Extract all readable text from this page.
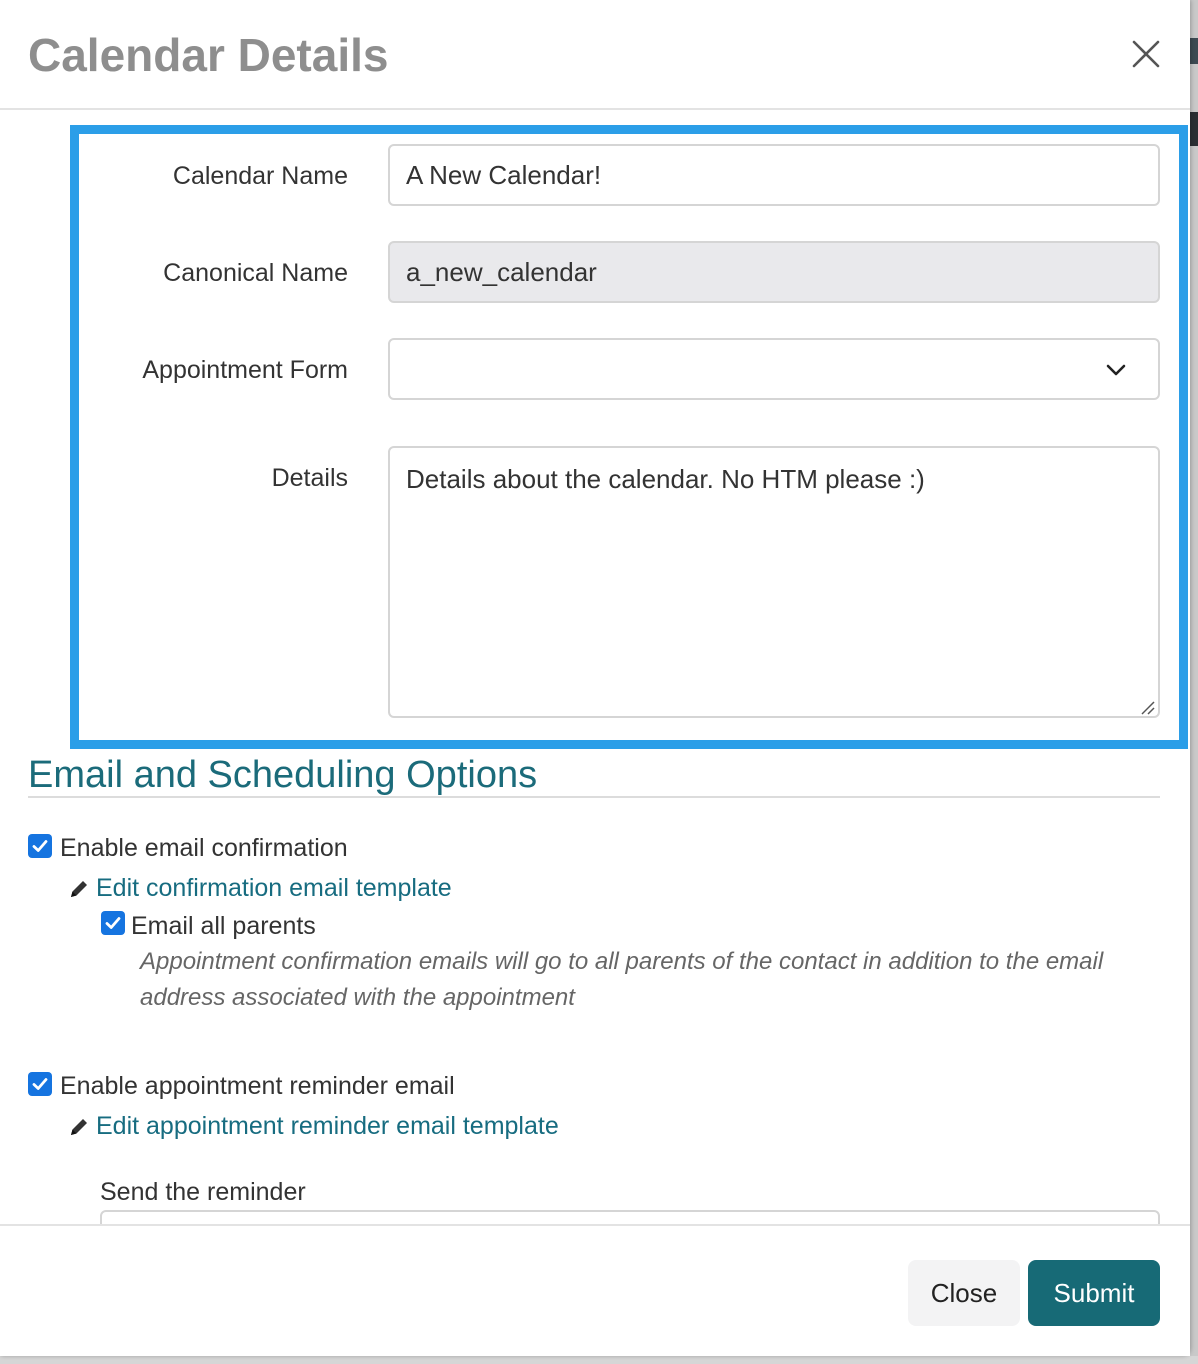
Calendar Details
Calendar Name
A New Calendar!
Canonical Name
a_new_calendar
Appointment Form
Details
Details about the calendar. No HTM please :)
Email and Scheduling Options
Enable email confirmation
Edit confirmation email template
Email all parents
Appointment confirmation emails will go to all parents of the contact in addition to the email address associated with the appointment
Enable appointment reminder email
Edit appointment reminder email template
Send the reminder
Close	Submit
